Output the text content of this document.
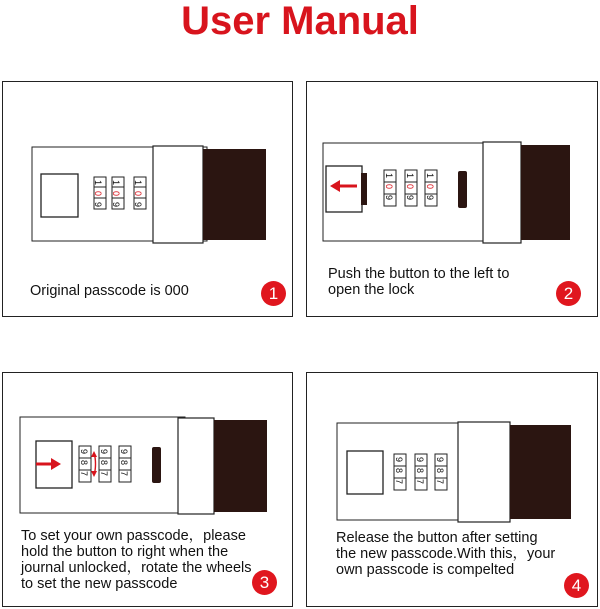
User Manual
Original passcode is 000	1
Push the button to the left to
open the lock	2
To set your own passcode，please
hold the button to right when the
journal unlocked，rotate the wheels
to set the new passcode	3
Release the button after setting
the new passcode.With this，your
own passcode is compelted
4
1
0
9
1
0
9
1
0
9
1
0
9
1
0
9
1
0
9
9
8
7
9
8
7
9
8
7
9
8
7
9
8
7
9
8
7
